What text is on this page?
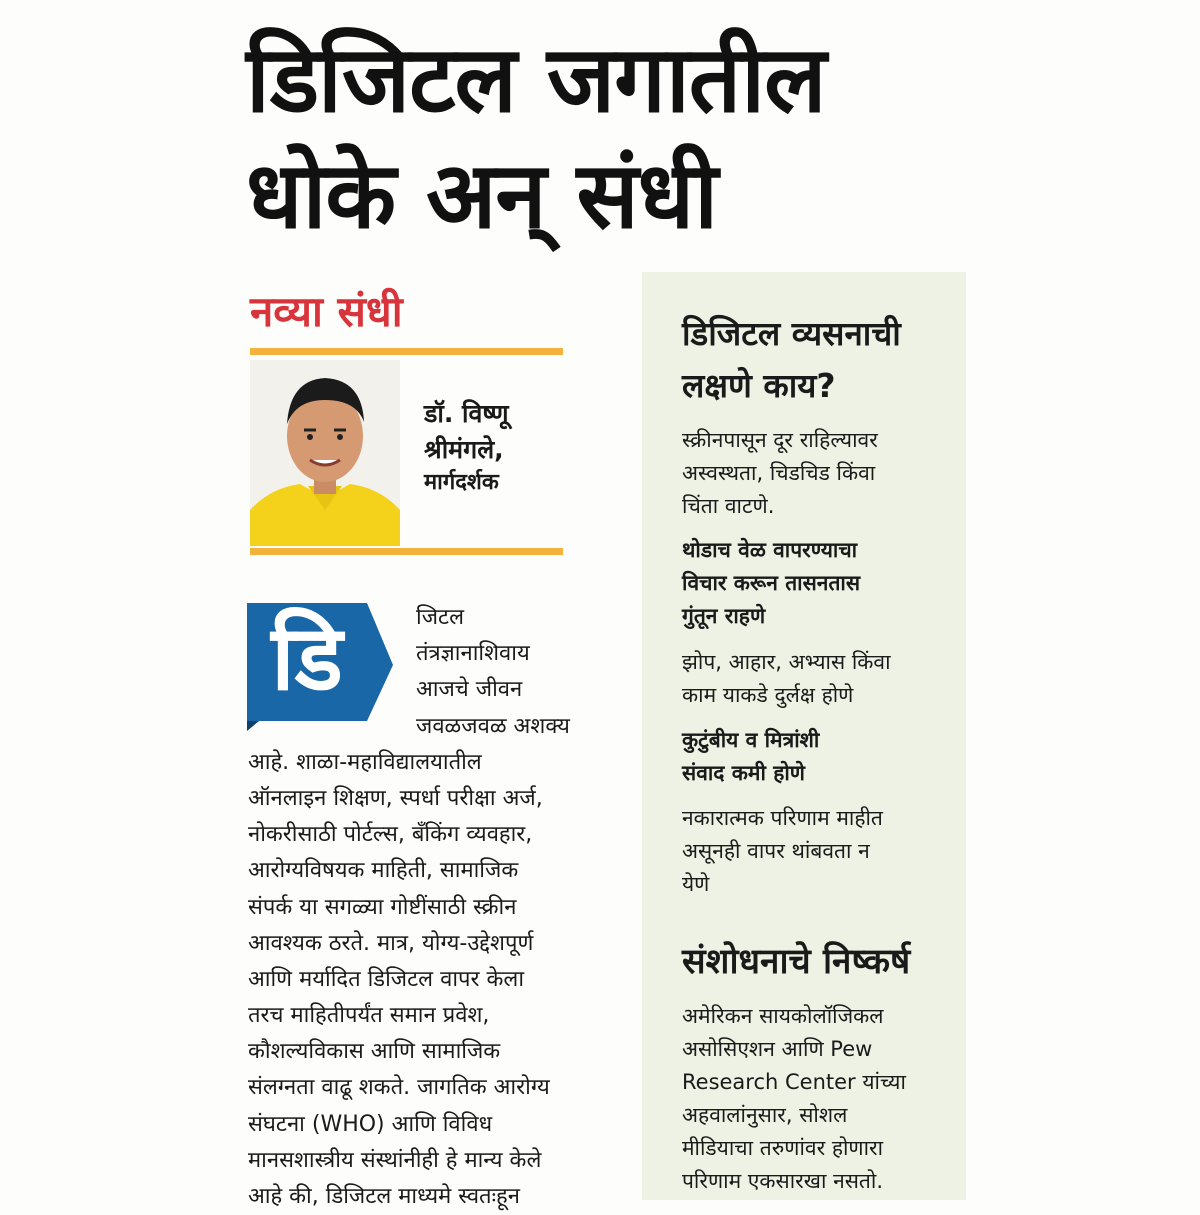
डिजिटल जगातील
धोके अन् संधी
नव्या संधी
डॉ. विष्णू
श्रीमंगले,
मार्गदर्शक
डि	जिटल
तंत्रज्ञानाशिवाय
आजचे जीवन
जवळजवळ अशक्य
आहे. शाळा-महाविद्यालयातील
ऑनलाइन शिक्षण, स्पर्धा परीक्षा अर्ज,
नोकरीसाठी पोर्टल्स, बँकिंग व्यवहार,
आरोग्यविषयक माहिती, सामाजिक
संपर्क या सगळ्या गोष्टींसाठी स्क्रीन
आवश्यक ठरते. मात्र, योग्य-उद्देशपूर्ण
आणि मर्यादित डिजिटल वापर केला
तरच माहितीपर्यंत समान प्रवेश,
कौशल्यविकास आणि सामाजिक
संलग्नता वाढू शकते. जागतिक आरोग्य
संघटना (WHO) आणि विविध
मानसशास्त्रीय संस्थांनीही हे मान्य केले
आहे की, डिजिटल माध्यमे स्वतःहून
डिजिटल व्यसनाची
लक्षणे काय?
स्क्रीनपासून दूर राहिल्यावर
अस्वस्थता, चिडचिड किंवा
चिंता वाटणे.
थोडाच वेळ वापरण्याचा
विचार करून तासनतास
गुंतून राहणे
झोप, आहार, अभ्यास किंवा
काम याकडे दुर्लक्ष होणे
कुटुंबीय व मित्रांशी
संवाद कमी होणे
नकारात्मक परिणाम माहीत
असूनही वापर थांबवता न
येणे
संशोधनाचे निष्कर्ष
अमेरिकन सायकोलॉजिकल
असोसिएशन आणि Pew
Research Center यांच्या
अहवालांनुसार, सोशल
मीडियाचा तरुणांवर होणारा
परिणाम एकसारखा नसतो.
